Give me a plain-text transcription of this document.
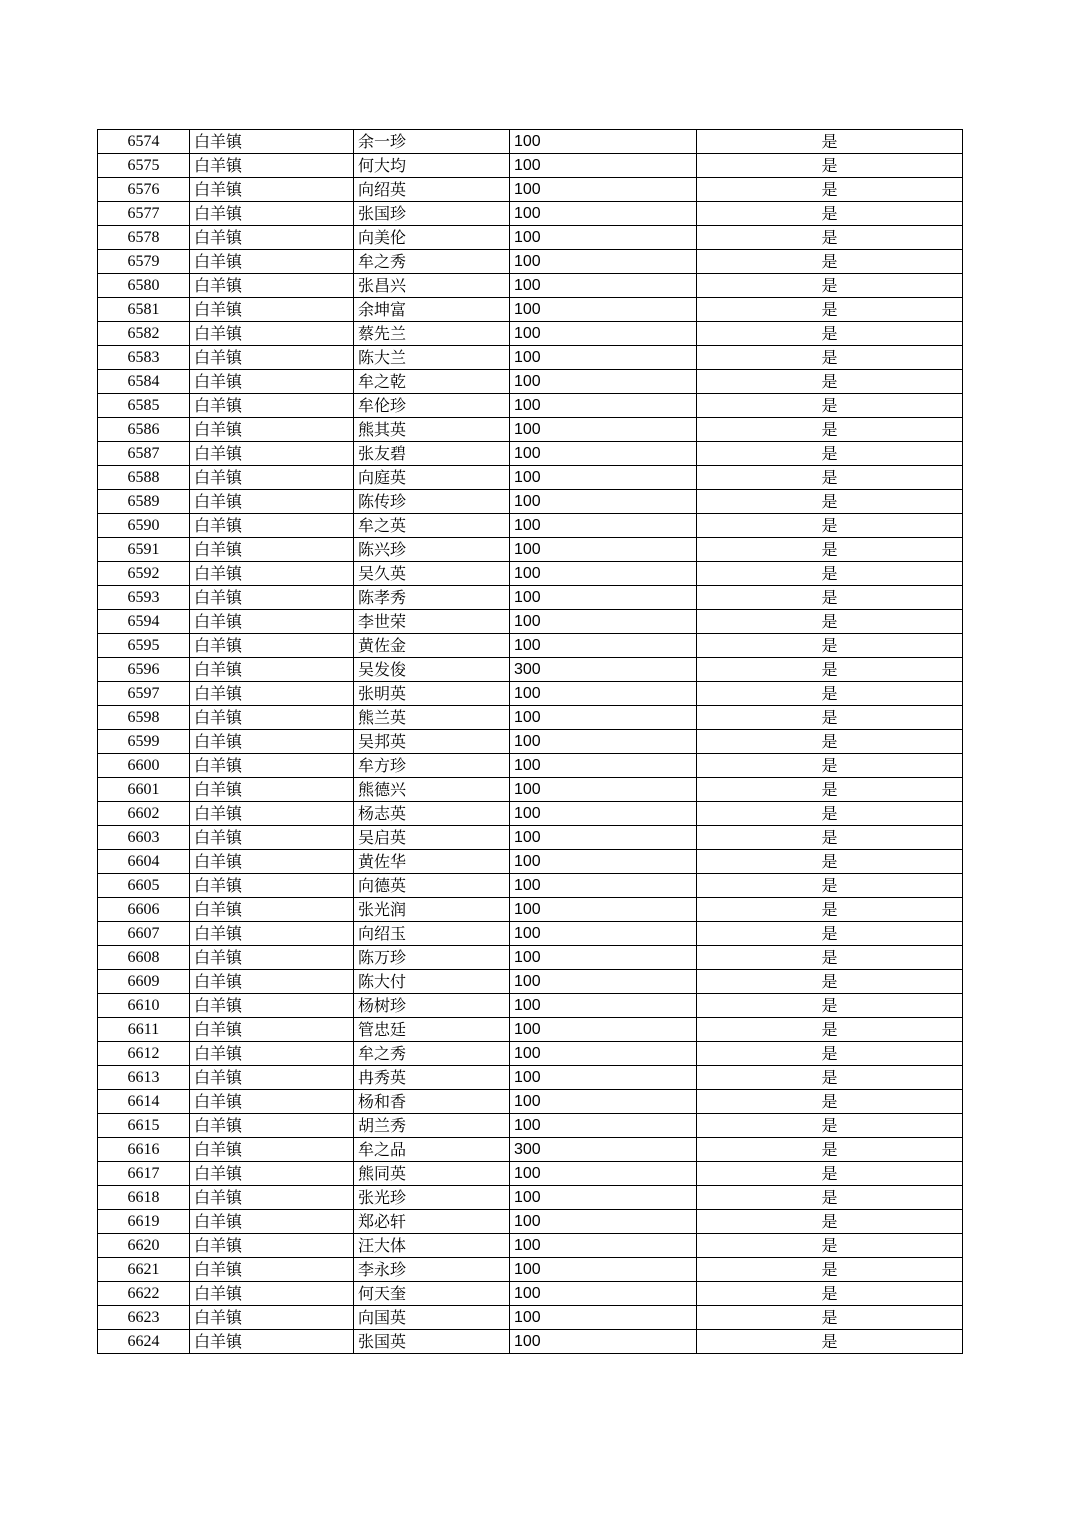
6574	白羊镇	余一珍	100	是
6575	白羊镇	何大均	100	是
6576	白羊镇	向绍英	100	是
6577	白羊镇	张国珍	100	是
6578	白羊镇	向美伦	100	是
6579	白羊镇	牟之秀	100	是
6580	白羊镇	张昌兴	100	是
6581	白羊镇	余坤富	100	是
6582	白羊镇	蔡先兰	100	是
6583	白羊镇	陈大兰	100	是
6584	白羊镇	牟之乾	100	是
6585	白羊镇	牟伦珍	100	是
6586	白羊镇	熊其英	100	是
6587	白羊镇	张友碧	100	是
6588	白羊镇	向庭英	100	是
6589	白羊镇	陈传珍	100	是
6590	白羊镇	牟之英	100	是
6591	白羊镇	陈兴珍	100	是
6592	白羊镇	吴久英	100	是
6593	白羊镇	陈孝秀	100	是
6594	白羊镇	李世荣	100	是
6595	白羊镇	黄佐金	100	是
6596	白羊镇	吴发俊	300	是
6597	白羊镇	张明英	100	是
6598	白羊镇	熊兰英	100	是
6599	白羊镇	吴邦英	100	是
6600	白羊镇	牟方珍	100	是
6601	白羊镇	熊德兴	100	是
6602	白羊镇	杨志英	100	是
6603	白羊镇	吴启英	100	是
6604	白羊镇	黄佐华	100	是
6605	白羊镇	向德英	100	是
6606	白羊镇	张光润	100	是
6607	白羊镇	向绍玉	100	是
6608	白羊镇	陈万珍	100	是
6609	白羊镇	陈大付	100	是
6610	白羊镇	杨树珍	100	是
6611	白羊镇	管忠廷	100	是
6612	白羊镇	牟之秀	100	是
6613	白羊镇	冉秀英	100	是
6614	白羊镇	杨和香	100	是
6615	白羊镇	胡兰秀	100	是
6616	白羊镇	牟之品	300	是
6617	白羊镇	熊同英	100	是
6618	白羊镇	张光珍	100	是
6619	白羊镇	郑必轩	100	是
6620	白羊镇	汪大体	100	是
6621	白羊镇	李永珍	100	是
6622	白羊镇	何天奎	100	是
6623	白羊镇	向国英	100	是
6624	白羊镇	张国英	100	是
